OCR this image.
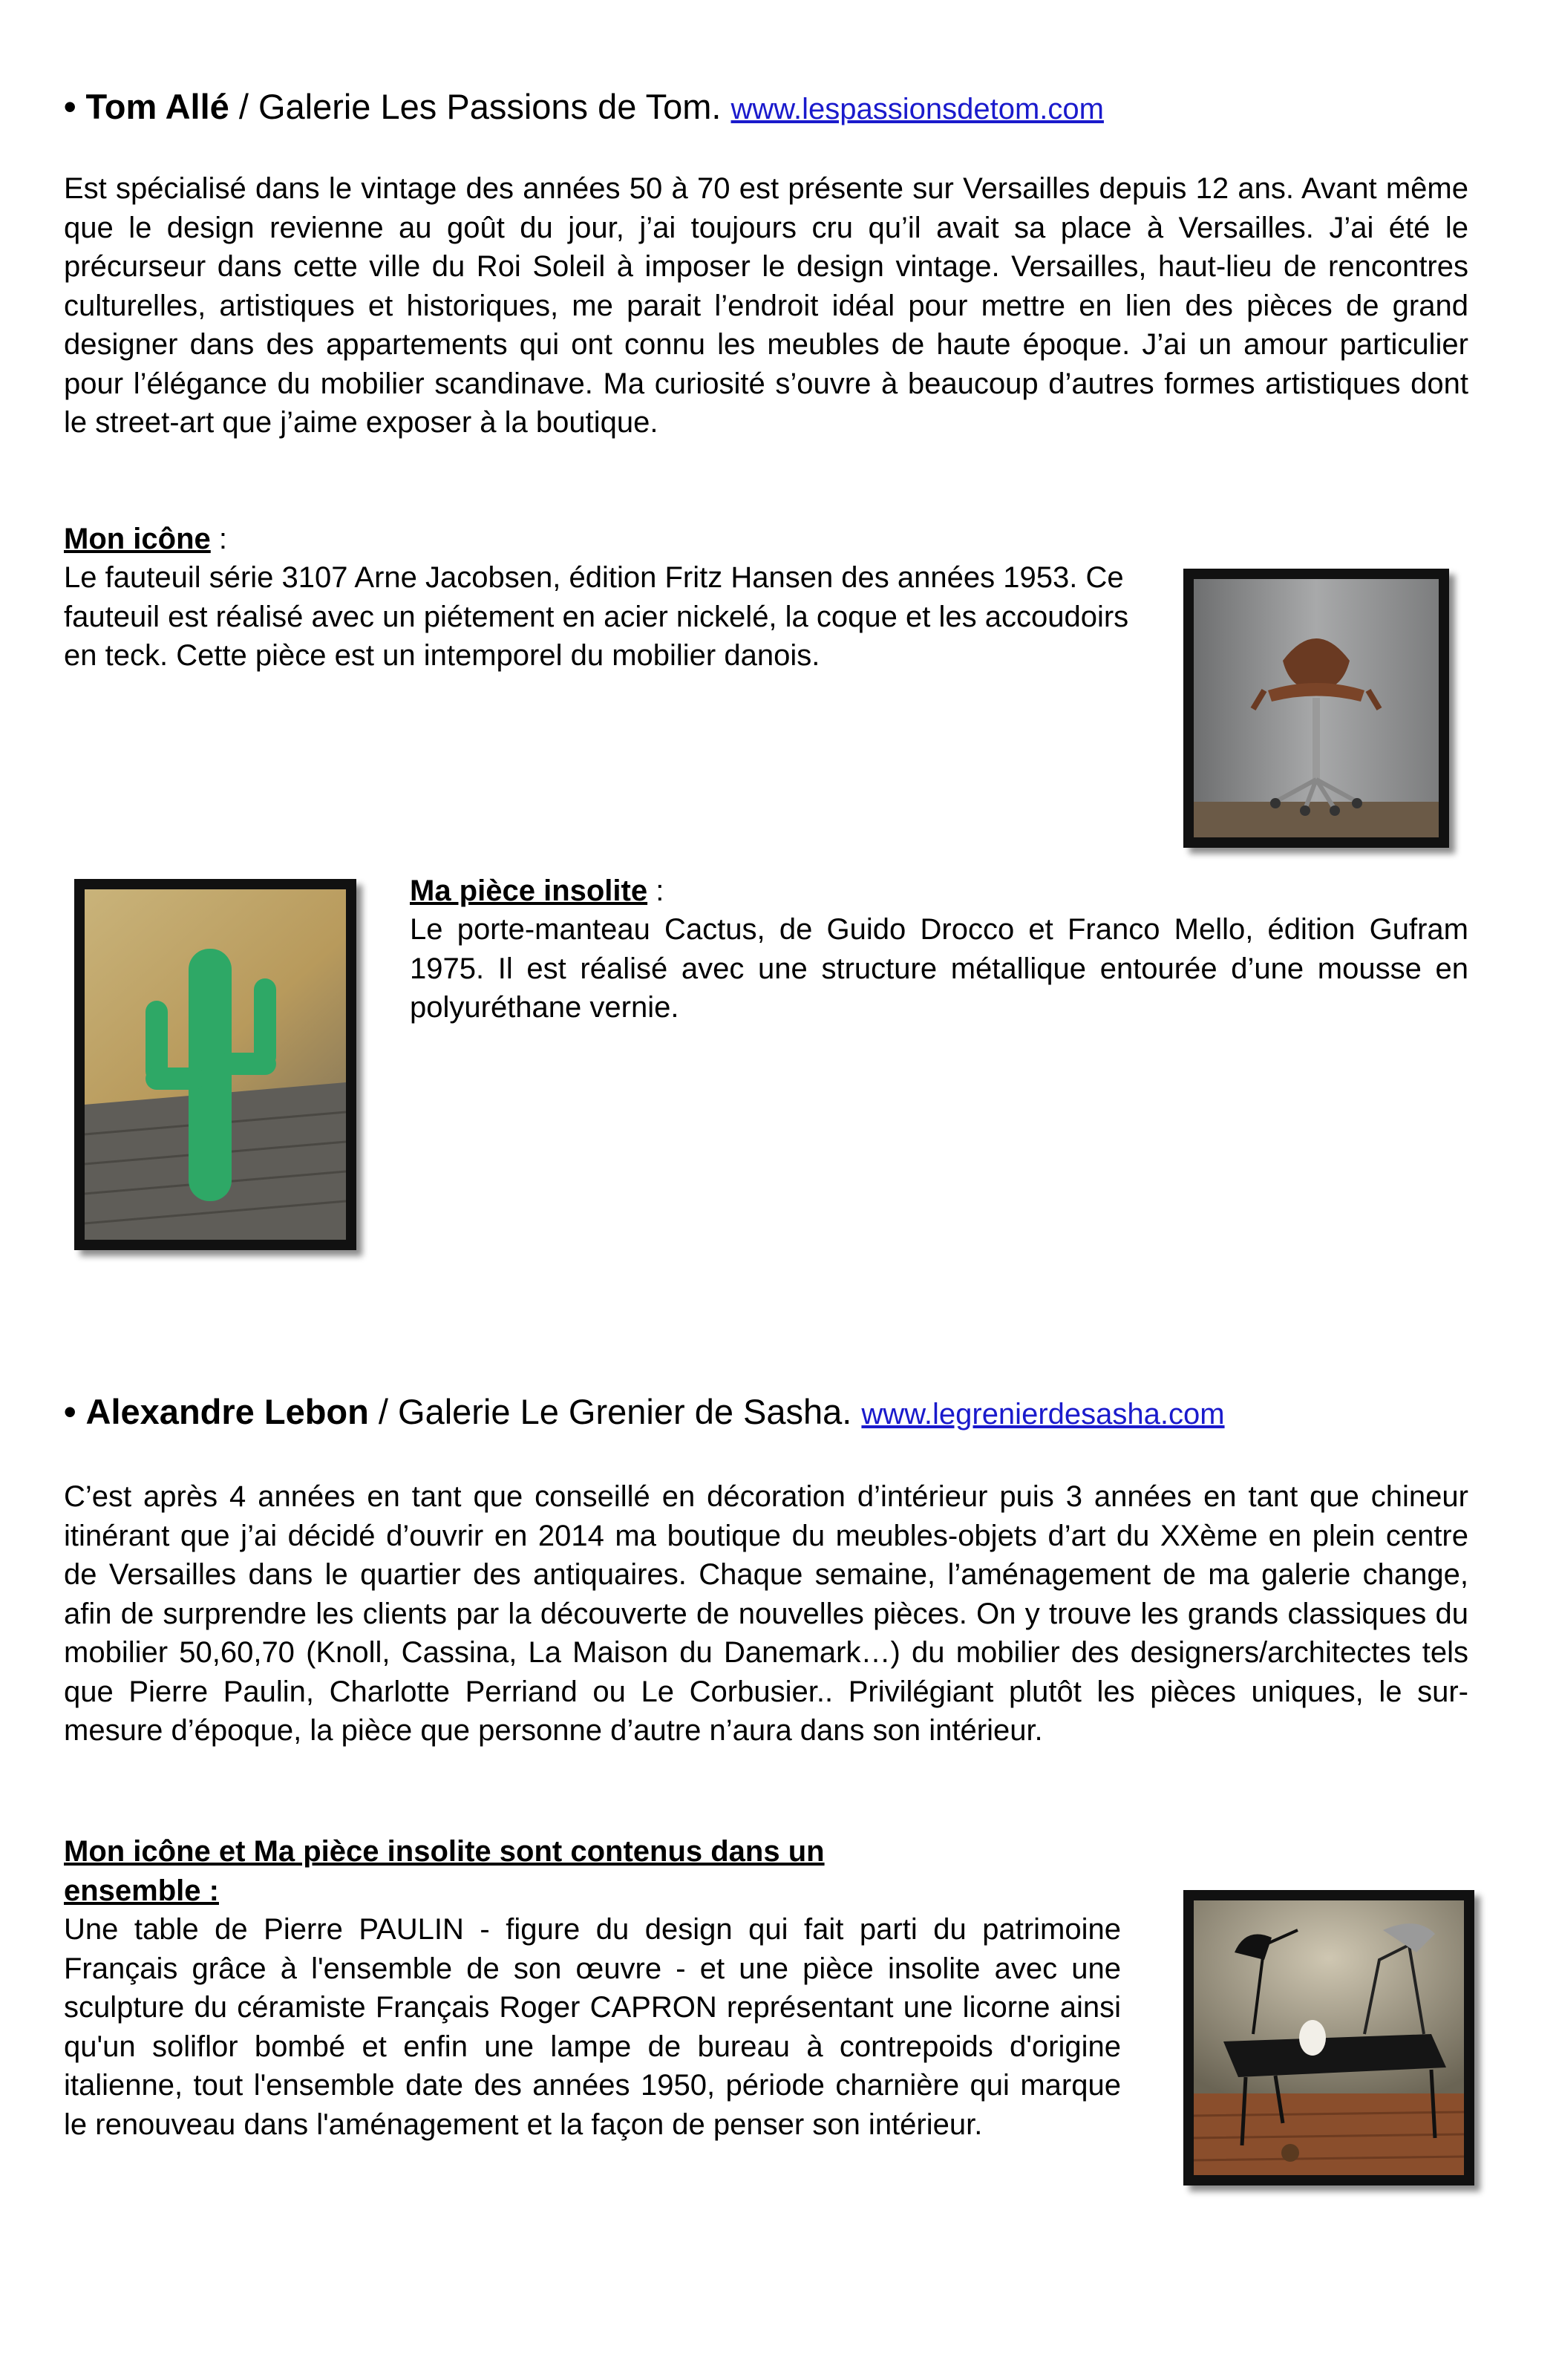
• Tom Allé / Galerie Les Passions de Tom. www.lespassionsdetom.com

Est spécialisé dans le vintage des années 50 à 70 est présente sur Versailles depuis 12 ans. Avant même que le design revienne au goût du jour, j’ai toujours cru qu’il avait sa place à Versailles. J’ai été le précurseur dans cette ville du Roi Soleil à imposer le design vintage. Versailles, haut-lieu de rencontres culturelles, artistiques et historiques, me parait l’endroit idéal pour mettre en lien des pièces de grand designer dans des appartements qui ont connu les meubles de haute époque. J’ai un amour particulier pour l’élégance du mobilier scandinave. Ma curiosité s’ouvre à beaucoup d’autres formes artistiques dont le street-art que j’aime exposer à la boutique.

Mon icône :

Le fauteuil série 3107 Arne Jacobsen, édition Fritz Hansen des années 1953. Ce fauteuil est réalisé avec un piétement en acier nickelé, la coque et les accoudoirs en teck. Cette pièce est un intemporel du mobilier danois.

Ma pièce insolite :

Le porte-manteau Cactus, de Guido Drocco et Franco Mello, édition Gufram 1975. Il est réalisé avec une structure métallique entourée d’une mousse en polyuréthane vernie.

• Alexandre Lebon / Galerie Le Grenier de Sasha. www.legrenierdesasha.com

C’est après 4 années en tant que conseillé en décoration d’intérieur puis 3 années en tant que chineur itinérant que j’ai décidé d’ouvrir en 2014 ma boutique du meubles-objets d’art du XXème en plein centre de Versailles dans le quartier des antiquaires. Chaque semaine, l’aménagement de ma galerie change, afin de surprendre les clients par la découverte de nouvelles pièces. On y trouve les grands classiques du mobilier 50,60,70 (Knoll, Cassina, La Maison du Danemark…) du mobilier des designers/architectes tels que Pierre Paulin, Charlotte Perriand ou Le Corbusier.. Privilégiant plutôt les pièces uniques, le sur-mesure d’époque, la pièce que personne d’autre n’aura dans son intérieur.

Mon icône et Ma pièce insolite sont contenus dans un ensemble :

Une table de Pierre PAULIN - figure du design qui fait parti du patrimoine Français grâce à l'ensemble de son œuvre - et une pièce insolite avec une sculpture du céramiste Français Roger CAPRON représentant une licorne ainsi qu'un soliflor bombé et enfin une lampe de bureau à contrepoids d'origine italienne, tout l'ensemble date des années 1950, période charnière qui marque le renouveau dans l'aménagement et la façon de penser son intérieur.
